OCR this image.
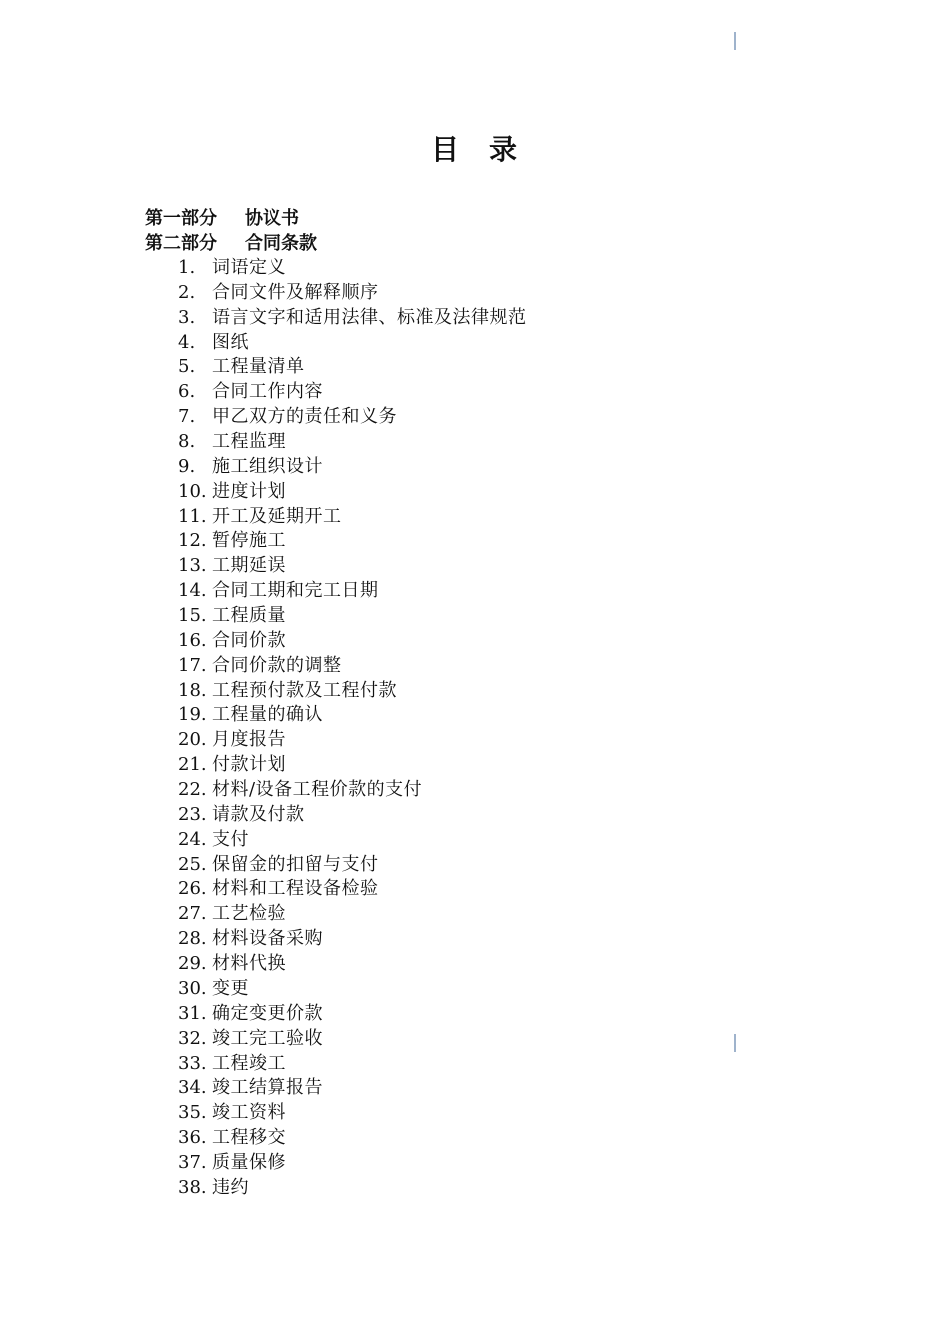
目 录
第一部分 协议书
第二部分 合同条款
1. 词语定义
2. 合同文件及解释顺序
3. 语言文字和适用法律、标准及法律规范
4. 图纸
5. 工程量清单
6. 合同工作内容
7. 甲乙双方的责任和义务
8. 工程监理
9. 施工组织设计
10. 进度计划
11. 开工及延期开工
12. 暂停施工
13. 工期延误
14. 合同工期和完工日期
15. 工程质量
16. 合同价款
17. 合同价款的调整
18. 工程预付款及工程付款
19. 工程量的确认
20. 月度报告
21. 付款计划
22. 材料/设备工程价款的支付
23. 请款及付款
24. 支付
25. 保留金的扣留与支付
26. 材料和工程设备检验
27. 工艺检验
28. 材料设备采购
29. 材料代换
30. 变更
31. 确定变更价款
32. 竣工完工验收
33. 工程竣工
34. 竣工结算报告
35. 竣工资料
36. 工程移交
37. 质量保修
38. 违约
